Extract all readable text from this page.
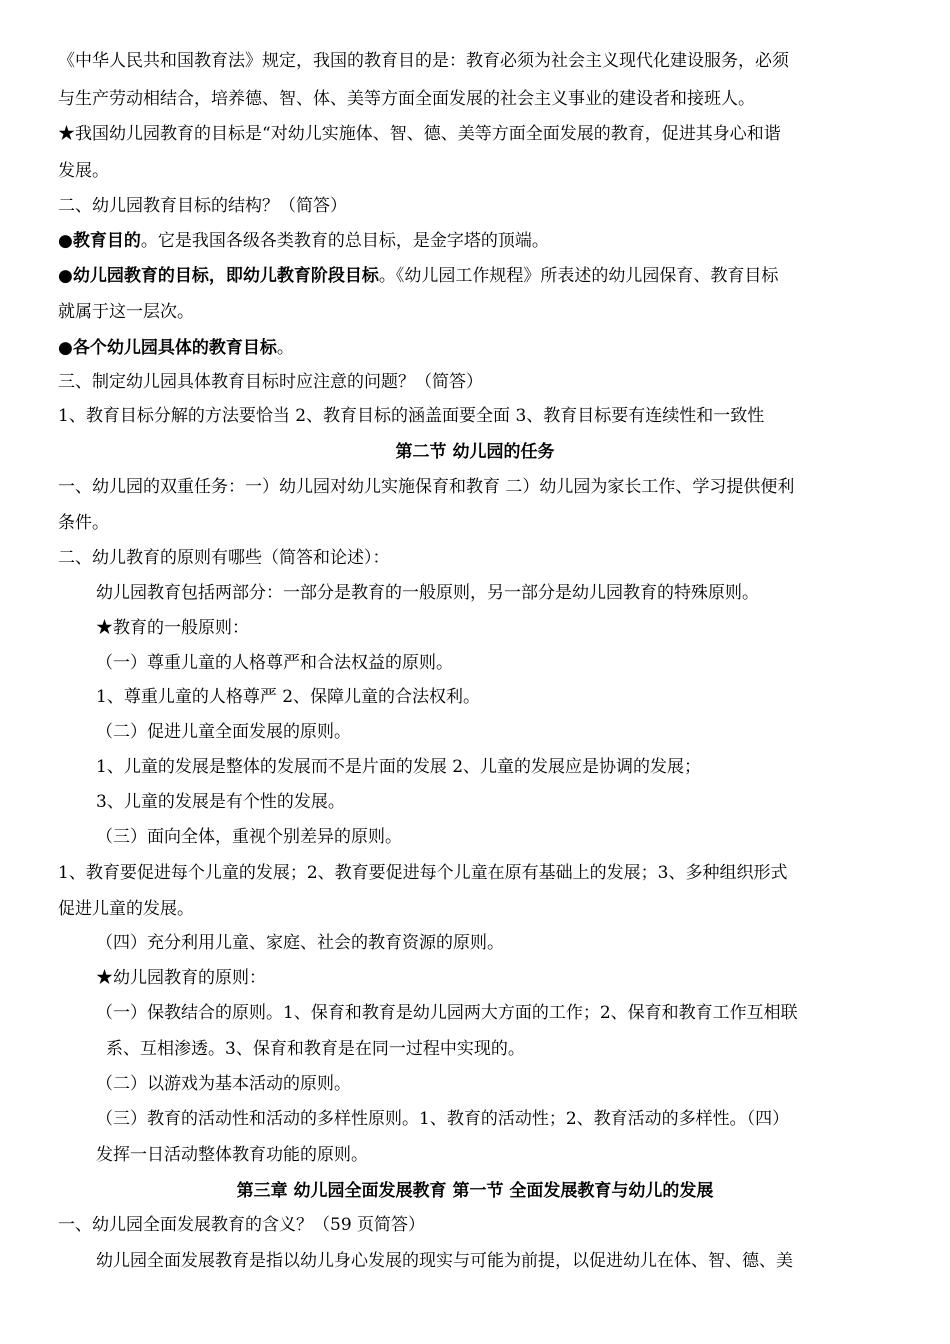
《中华人民共和国教育法》规定，我国的教育目的是：教育必须为社会主义现代化建设服务，必须
与生产劳动相结合，培养德、智、体、美等方面全面发展的社会主义事业的建设者和接班人。
★我国幼儿园教育的目标是“对幼儿实施体、智、德、美等方面全面发展的教育，促进其身心和谐
发展。
二、幼儿园教育目标的结构？（简答）
●教育目的。它是我国各级各类教育的总目标，是金字塔的顶端。
●幼儿园教育的目标，即幼儿教育阶段目标。《幼儿园工作规程》所表述的幼儿园保育、教育目标
就属于这一层次。
●各个幼儿园具体的教育目标。
三、制定幼儿园具体教育目标时应注意的问题？（简答）
1、教育目标分解的方法要恰当 2、教育目标的涵盖面要全面 3、教育目标要有连续性和一致性
第二节 幼儿园的任务
一、幼儿园的双重任务：一）幼儿园对幼儿实施保育和教育 二）幼儿园为家长工作、学习提供便利
条件。
二、幼儿教育的原则有哪些（简答和论述）：
幼儿园教育包括两部分：一部分是教育的一般原则，另一部分是幼儿园教育的特殊原则。
★教育的一般原则：
（一）尊重儿童的人格尊严和合法权益的原则。
1、尊重儿童的人格尊严 2、保障儿童的合法权利。
（二）促进儿童全面发展的原则。
1、儿童的发展是整体的发展而不是片面的发展 2、儿童的发展应是协调的发展；
3、儿童的发展是有个性的发展。
（三）面向全体，重视个别差异的原则。
1、教育要促进每个儿童的发展；2、教育要促进每个儿童在原有基础上的发展；3、多种组织形式
促进儿童的发展。
（四）充分利用儿童、家庭、社会的教育资源的原则。
★幼儿园教育的原则：
（一）保教结合的原则。1、保育和教育是幼儿园两大方面的工作；2、保育和教育工作互相联
系、互相渗透。3、保育和教育是在同一过程中实现的。
（二）以游戏为基本活动的原则。
（三）教育的活动性和活动的多样性原则。1、教育的活动性；2、教育活动的多样性。（四）
发挥一日活动整体教育功能的原则。
第三章 幼儿园全面发展教育 第一节 全面发展教育与幼儿的发展
一、幼儿园全面发展教育的含义？（59 页简答）
幼儿园全面发展教育是指以幼儿身心发展的现实与可能为前提，以促进幼儿在体、智、德、美
